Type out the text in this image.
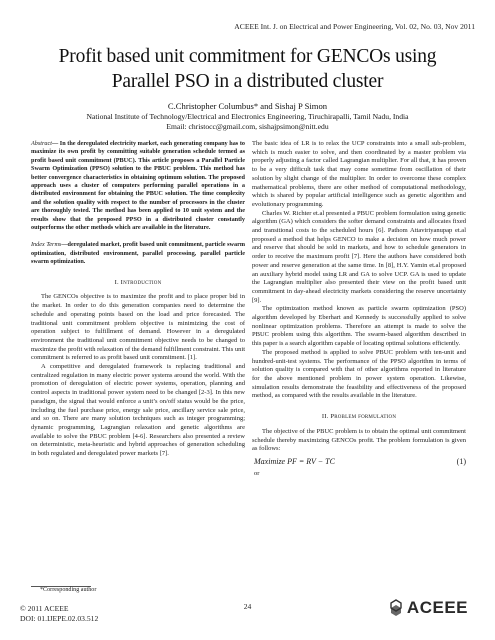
ACEEE Int. J. on Electrical and Power Engineering, Vol. 02, No. 03, Nov 2011
Profit based unit commitment for GENCOs using
Parallel PSO in a distributed cluster
C.Christopher Columbus* and Sishaj P Simon
National Institute of Technology/Electrical and Electronics Engineering, Tiruchirapalli, Tamil Nadu, India
Email: christocc@gmail.com, sishajpsimon@nitt.edu

Abstract— In the deregulated electricity market, each generating company has to maximize its own profit by committing suitable generation schedule termed as profit based unit commitment (PBUC). This article proposes a Parallel Particle Swarm Optimization (PPSO) solution to the PBUC problem. This method has better convergence characteristics in obtaining optimum solution. The proposed approach uses a cluster of computers performing parallel operations in a distributed environment for obtaining the PBUC solution. The time complexity and the solution quality with respect to the number of processors in the cluster are thoroughly tested. The method has been applied to 10 unit system and the results show that the proposed PPSO in a distributed cluster constantly outperforms the other methods which are available in the literature.

Index Terms—deregulated market, profit based unit commitment, particle swarm optimization, distributed environment, parallel processing, parallel particle swarm optimization.

I. Introduction

The GENCOs objective is to maximize the profit and to place proper bid in the market. In order to do this generation companies need to determine the schedule and operating points based on the load and price forecasted. The traditional unit commitment problem objective is minimizing the cost of operation subject to fulfillment of demand. However in a deregulated environment the traditional unit commitment objective needs to be changed to maximize the profit with relaxation of the demand fulfillment constraint. This unit commitment is referred to as profit based unit commitment. [1].

A competitive and deregulated framework is replacing traditional and centralized regulation in many electric power systems around the world. With the promotion of deregulation of electric power systems, operation, planning and control aspects in traditional power system need to be changed [2-3]. In this new paradigm, the signal that would enforce a unit’s on/off status would be the price, including the fuel purchase price, energy sale price, ancillary service sale price, and so on. There are many solution techniques such as integer programming; dynamic programming, Lagrangian relaxation and genetic algorithms are available to solve the PBUC problem [4-6]. Researchers also presented a review on deterministic, meta-heuristic and hybrid approaches of generation scheduling in both regulated and deregulated power markets [7].

The basic idea of LR is to relax the UCP constraints into a small sub-problem, which is much easier to solve, and then coordinated by a master problem via properly adjusting a factor called Lagrangian multiplier. For all that, it has proven to be a very difficult task that may come sometime from oscillation of their solution by slight change of the multiplier. In order to overcome these complex mathematical problems, there are other method of computational methodology, which is shared by popular artificial intelligence such as genetic algorithm and evolutionary programming.

Charles W. Richter et.al presented a PBUC problem formulation using genetic algorithm (GA) which considers the softer demand constraints and allocates fixed and transitional costs to the scheduled hours [6]. Pathom Attaviriyanupap et.al proposed a method that helps GENCO to make a decision on how much power and reserve that should be sold in markets, and how to schedule generators in order to receive the maximum profit [7]. Here the authors have considered both power and reserve generation at the same time. In [8], H.Y. Yamin et.al proposed an auxiliary hybrid model using LR and GA to solve UCP. GA is used to update the Lagrangian multiplier also presented their view on the profit based unit commitment in day-ahead electricity markets considering the reserve uncertainty [9].

The optimization method known as particle swarm optimization (PSO) algorithm developed by Eberhart and Kennedy is successfully applied to solve nonlinear optimization problems. Therefore an attempt is made to solve the PBUC problem using this algorithm. The swarm-based algorithm described in this paper is a search algorithm capable of locating optimal solutions efficiently.

The proposed method is applied to solve PBUC problem with ten-unit and hundred-unit-test systems. The performance of the PPSO algorithm in terms of solution quality is compared with that of other algorithms reported in literature for the above mentioned problem in power system operation. Likewise, simulation results demonstrate the feasibility and effectiveness of the proposed method, as compared with the results available in the literature.

II. Problem formulation

The objective of the PBUC problem is to obtain the optimal unit commitment schedule thereby maximizing GENCOs profit. The problem formulation is given as follows:

Maximize PF = RV − TC	(1)

or

*Corresponding author
© 2011 ACEEE
DOI: 01.IJEPE.02.03.512
24	ACEEE
